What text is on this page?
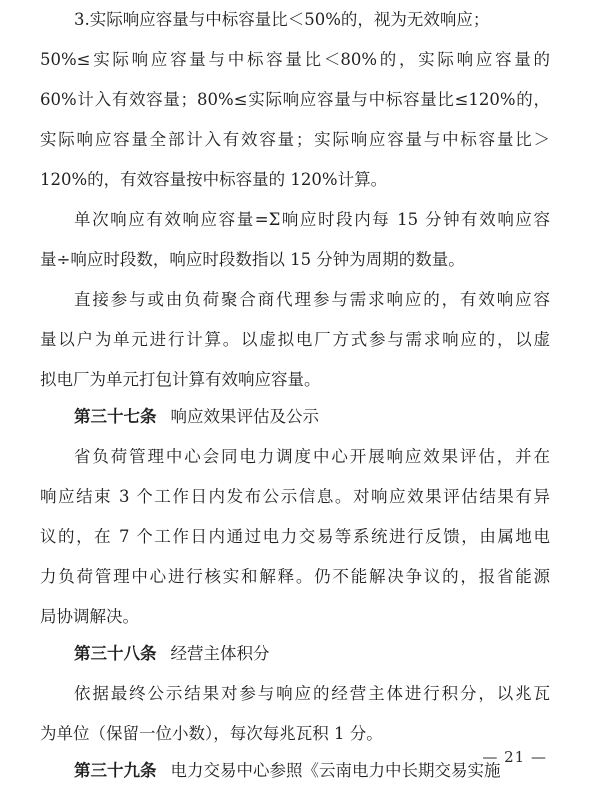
3.实际响应容量与中标容量比＜50%的，视为无效响应；
50%≤实际响应容量与中标容量比＜80%的，实际响应容量的
60%计入有效容量；80%≤实际响应容量与中标容量比≤120%的，
实际响应容量全部计入有效容量；实际响应容量与中标容量比＞
120%的，有效容量按中标容量的 120%计算。
单次响应有效响应容量=Σ响应时段内每 15 分钟有效响应容
量÷响应时段数，响应时段数指以 15 分钟为周期的数量。
直接参与或由负荷聚合商代理参与需求响应的，有效响应容
量以户为单元进行计算。以虚拟电厂方式参与需求响应的，以虚
拟电厂为单元打包计算有效响应容量。
第三十七条 响应效果评估及公示
省负荷管理中心会同电力调度中心开展响应效果评估，并在
响应结束 3 个工作日内发布公示信息。对响应效果评估结果有异
议的，在 7 个工作日内通过电力交易等系统进行反馈，由属地电
力负荷管理中心进行核实和解释。仍不能解决争议的，报省能源
局协调解决。
第三十八条 经营主体积分
依据最终公示结果对参与响应的经营主体进行积分，以兆瓦
为单位（保留一位小数），每次每兆瓦积 1 分。
第三十九条 电力交易中心参照《云南电力中长期交易实施
— 21 —
